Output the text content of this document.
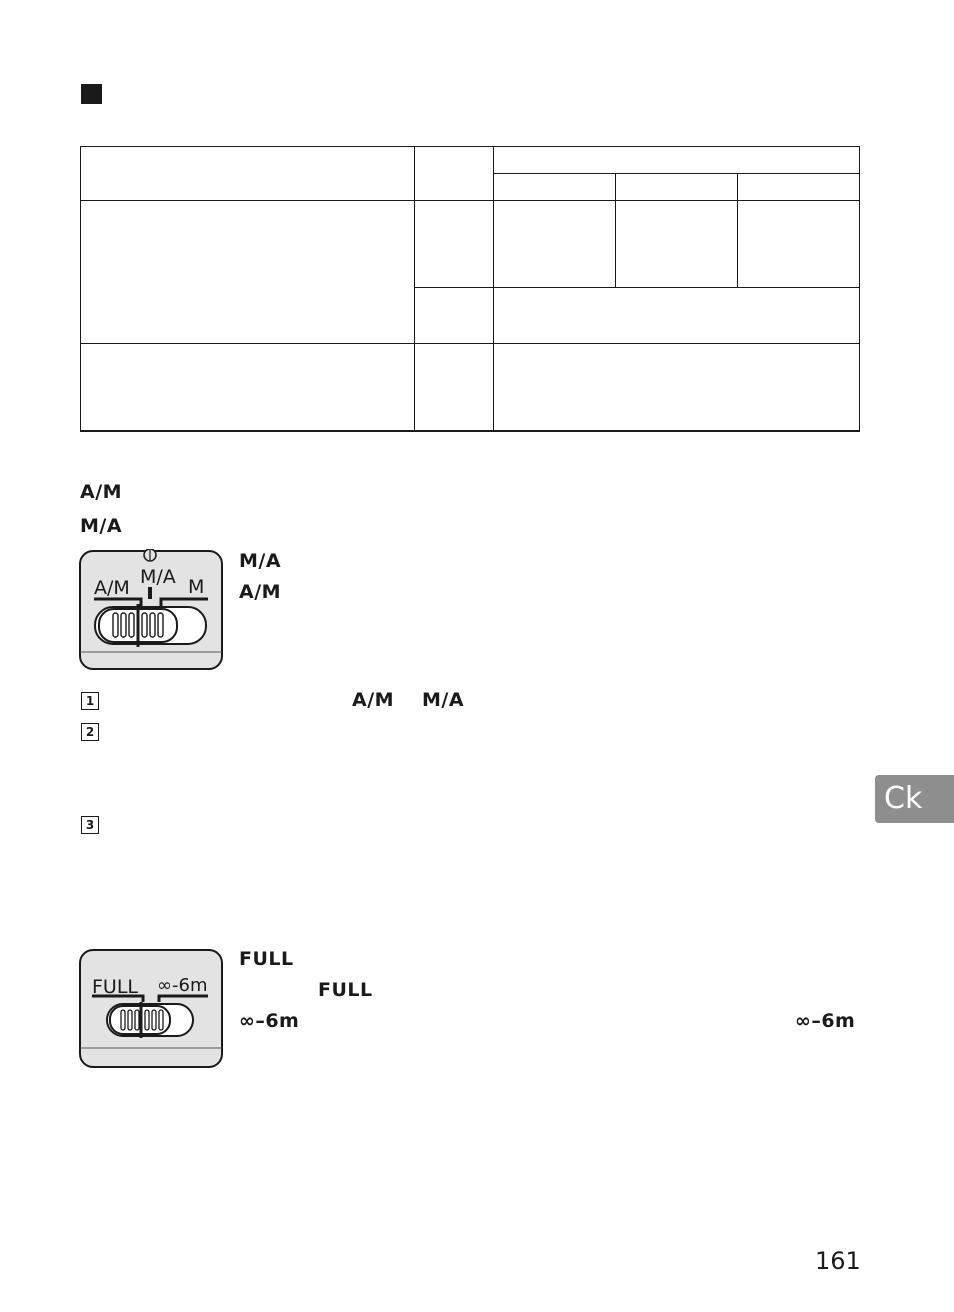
A/M
M/A
A/M M/A M
M/A
A/M
1	A/M M/A
2
3
Ck
FULL ∞-6m
FULL
FULL
∞–6m	∞–6m
161
